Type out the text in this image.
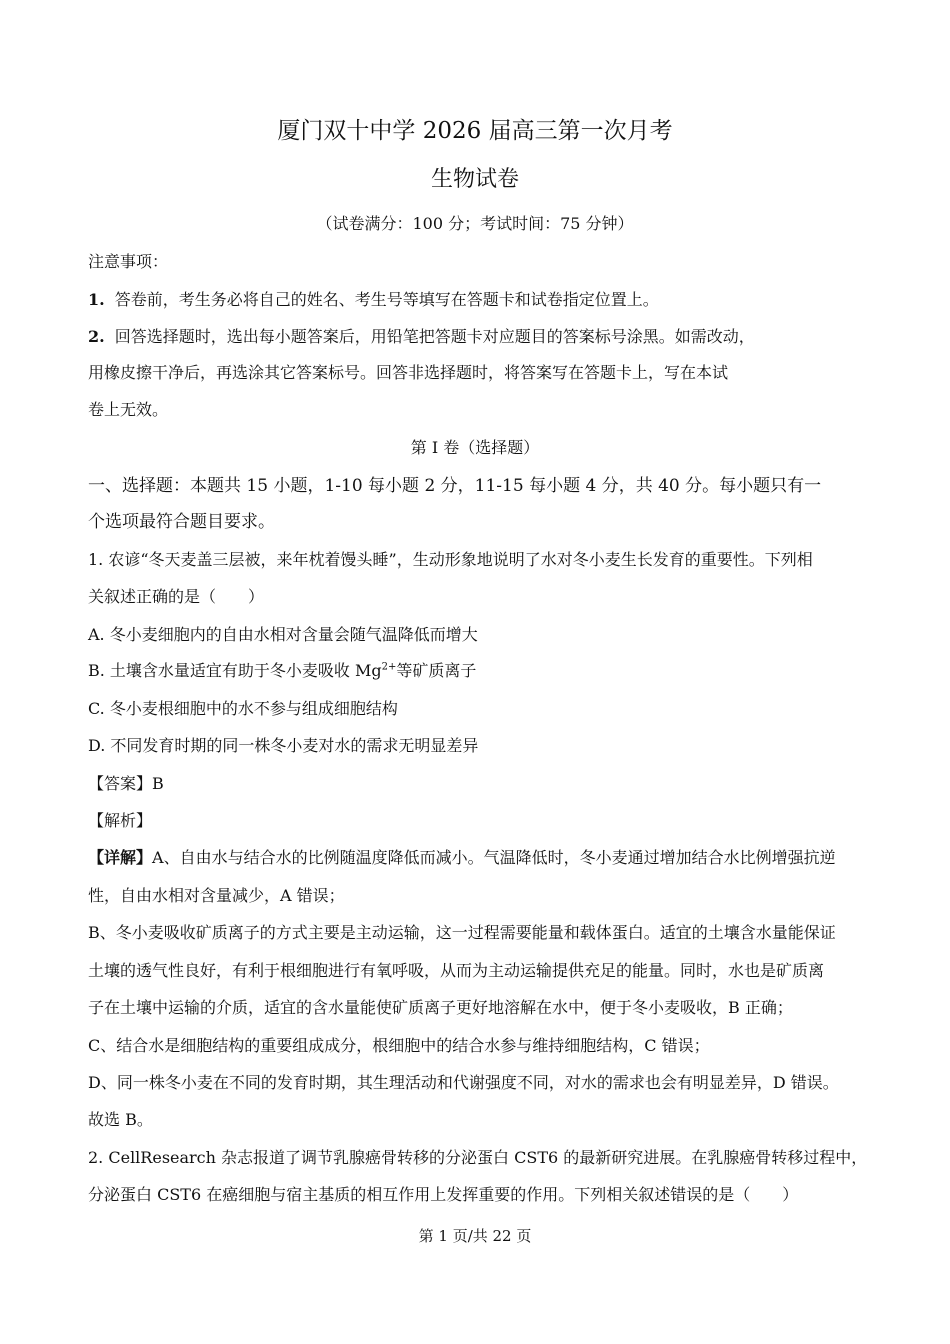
厦门双十中学 2026 届高三第一次月考
生物试卷
（试卷满分：100 分；考试时间：75 分钟）
注意事项：
1. 答卷前，考生务必将自己的姓名、考生号等填写在答题卡和试卷指定位置上。
2. 回答选择题时，选出每小题答案后，用铅笔把答题卡对应题目的答案标号涂黑。如需改动，
用橡皮擦干净后，再选涂其它答案标号。回答非选择题时，将答案写在答题卡上，写在本试
卷上无效。
第 I 卷（选择题）
一、选择题：本题共 15 小题，1-10 每小题 2 分，11-15 每小题 4 分，共 40 分。每小题只有一
个选项最符合题目要求。
1. 农谚“冬天麦盖三层被，来年枕着馒头睡”，生动形象地说明了水对冬小麦生长发育的重要性。下列相
关叙述正确的是（　　）
A. 冬小麦细胞内的自由水相对含量会随气温降低而增大
B. 土壤含水量适宜有助于冬小麦吸收 $Mg^{2+}$等矿质离子
C. 冬小麦根细胞中的水不参与组成细胞结构
D. 不同发育时期的同一株冬小麦对水的需求无明显差异
【答案】B
【解析】
【详解】A、自由水与结合水的比例随温度降低而减小。气温降低时，冬小麦通过增加结合水比例增强抗逆
性，自由水相对含量减少，A 错误；
B、冬小麦吸收矿质离子的方式主要是主动运输，这一过程需要能量和载体蛋白。适宜的土壤含水量能保证
土壤的透气性良好，有利于根细胞进行有氧呼吸，从而为主动运输提供充足的能量。同时，水也是矿质离
子在土壤中运输的介质，适宜的含水量能使矿质离子更好地溶解在水中，便于冬小麦吸收，B 正确；
C、结合水是细胞结构的重要组成成分，根细胞中的结合水参与维持细胞结构，C 错误；
D、同一株冬小麦在不同的发育时期，其生理活动和代谢强度不同，对水的需求也会有明显差异，D 错误。
故选 B。
2. CellResearch 杂志报道了调节乳腺癌骨转移的分泌蛋白 CST6 的最新研究进展。在乳腺癌骨转移过程中，
分泌蛋白 CST6 在癌细胞与宿主基质的相互作用上发挥重要的作用。下列相关叙述错误的是（　　）
第 1 页/共 22 页
